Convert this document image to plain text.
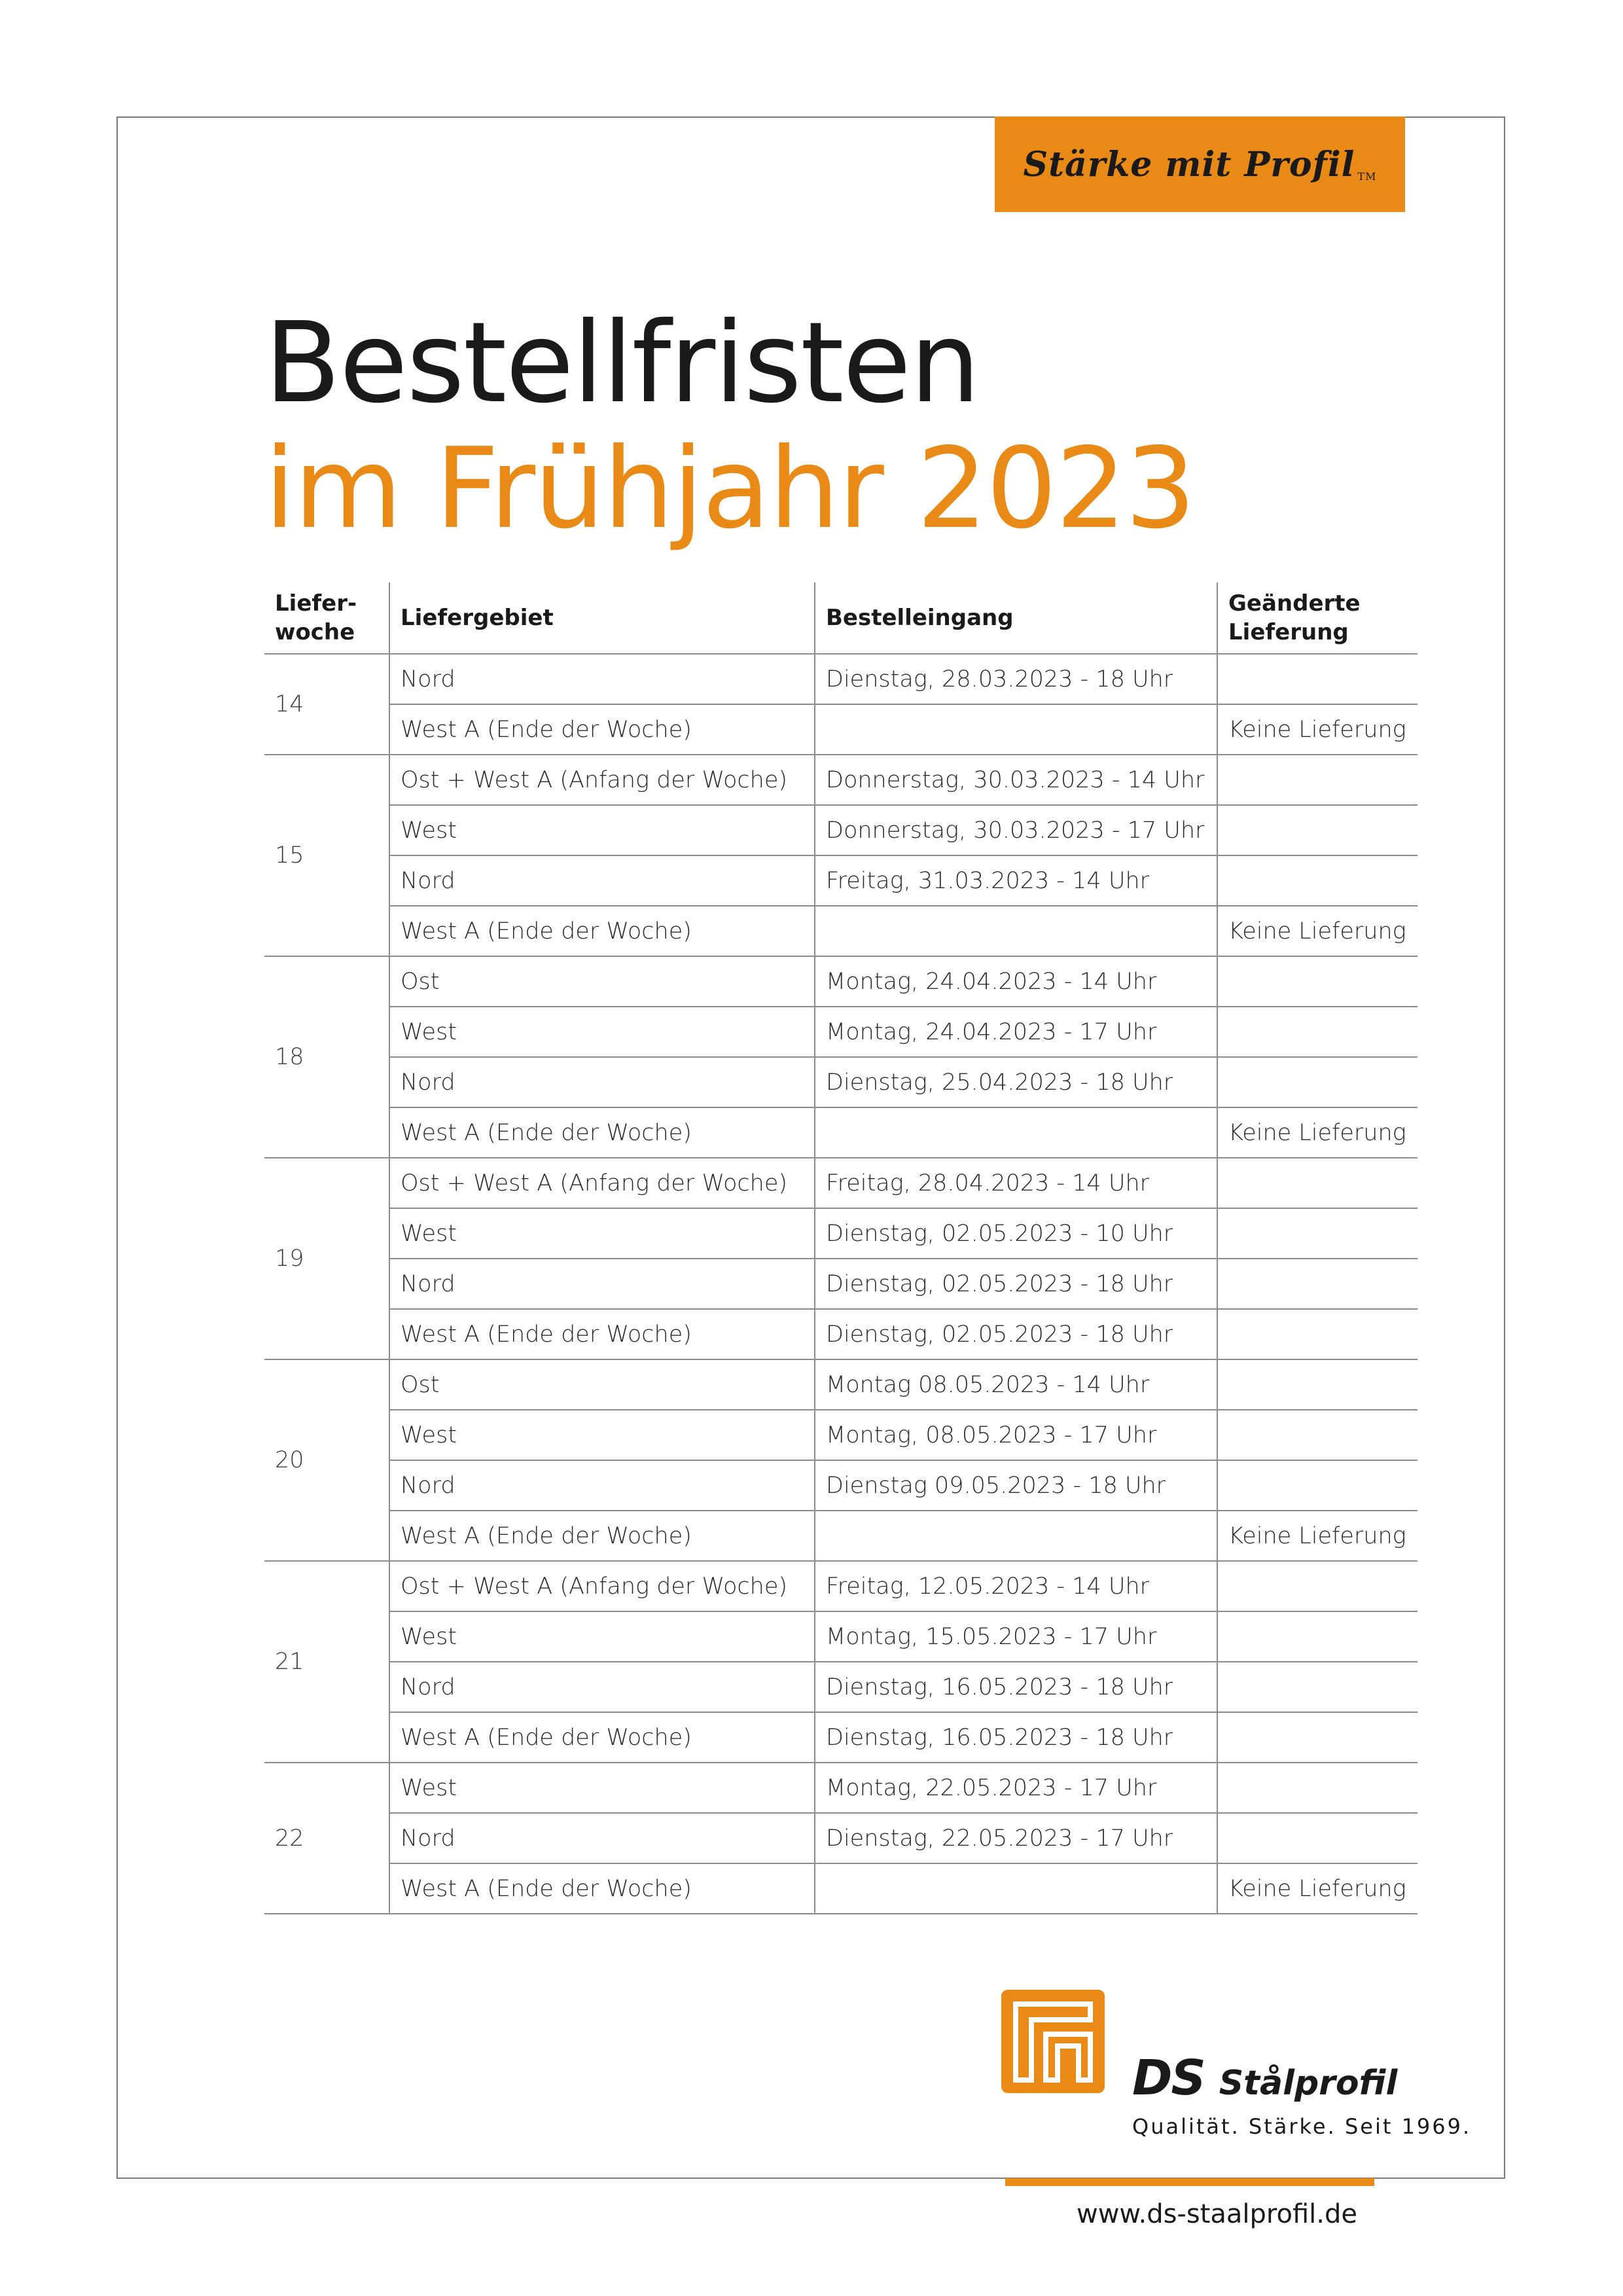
Stärke mit Profil TM
Bestellfristen
im Frühjahr 2023
Liefer-
woche	Liefergebiet	Bestelleingang	Geänderte
Lieferung
14	Nord	Dienstag, 28.03.2023 - 18 Uhr	
	West A (Ende der Woche)		Keine Lieferung
15	Ost + West A (Anfang der Woche)	Donnerstag, 30.03.2023 - 14 Uhr	
	West	Donnerstag, 30.03.2023 - 17 Uhr	
	Nord	Freitag, 31.03.2023 - 14 Uhr	
	West A (Ende der Woche)		Keine Lieferung
18	Ost	Montag, 24.04.2023 - 14 Uhr	
	West	Montag, 24.04.2023 - 17 Uhr	
	Nord	Dienstag, 25.04.2023 - 18 Uhr	
	West A (Ende der Woche)		Keine Lieferung
19	Ost + West A (Anfang der Woche)	Freitag, 28.04.2023 - 14 Uhr	
	West	Dienstag, 02.05.2023 - 10 Uhr	
	Nord	Dienstag, 02.05.2023 - 18 Uhr	
	West A (Ende der Woche)	Dienstag, 02.05.2023 - 18 Uhr	
20	Ost	Montag 08.05.2023 - 14 Uhr	
	West	Montag, 08.05.2023 - 17 Uhr	
	Nord	Dienstag 09.05.2023 - 18 Uhr	
	West A (Ende der Woche)		Keine Lieferung
21	Ost + West A (Anfang der Woche)	Freitag, 12.05.2023 - 14 Uhr	
	West	Montag, 15.05.2023 - 17 Uhr	
	Nord	Dienstag, 16.05.2023 - 18 Uhr	
	West A (Ende der Woche)	Dienstag, 16.05.2023 - 18 Uhr	
22	West	Montag, 22.05.2023 - 17 Uhr	
	Nord	Dienstag, 22.05.2023 - 17 Uhr	
	West A (Ende der Woche)		Keine Lieferung
DS Stålprofil
Qualität. Stärke. Seit 1969.
www.ds-staalprofil.de
